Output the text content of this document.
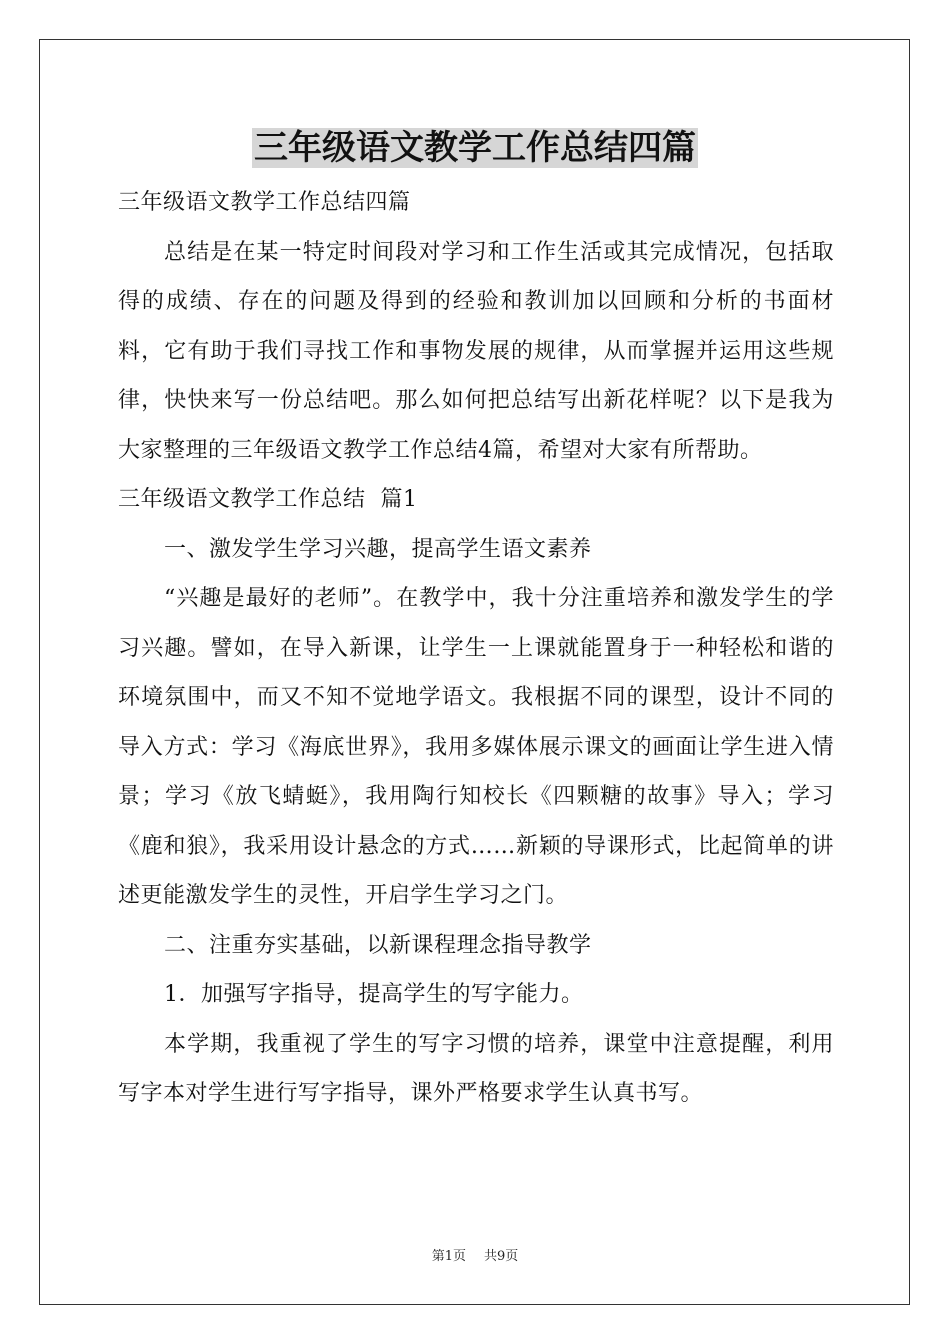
三年级语文教学工作总结四篇

三年级语文教学工作总结四篇

总结是在某一特定时间段对学习和工作生活或其完成情况，包括取得的成绩、存在的问题及得到的经验和教训加以回顾和分析的书面材料，它有助于我们寻找工作和事物发展的规律，从而掌握并运用这些规律，快快来写一份总结吧。那么如何把总结写出新花样呢？以下是我为大家整理的三年级语文教学工作总结4篇，希望对大家有所帮助。

三年级语文教学工作总结  篇1

一、激发学生学习兴趣，提高学生语文素养

“兴趣是最好的老师”。在教学中，我十分注重培养和激发学生的学习兴趣。譬如，在导入新课，让学生一上课就能置身于一种轻松和谐的环境氛围中，而又不知不觉地学语文。我根据不同的课型，设计不同的导入方式：学习《海底世界》，我用多媒体展示课文的画面让学生进入情景；学习《放飞蜻蜓》，我用陶行知校长《四颗糖的故事》导入；学习《鹿和狼》，我采用设计悬念的方式……新颖的导课形式，比起简单的讲述更能激发学生的灵性，开启学生学习之门。

二、注重夯实基础，以新课程理念指导教学

1．加强写字指导，提高学生的写字能力。

本学期，我重视了学生的写字习惯的培养，课堂中注意提醒，利用写字本对学生进行写字指导，课外严格要求学生认真书写。

第1页 共9页
